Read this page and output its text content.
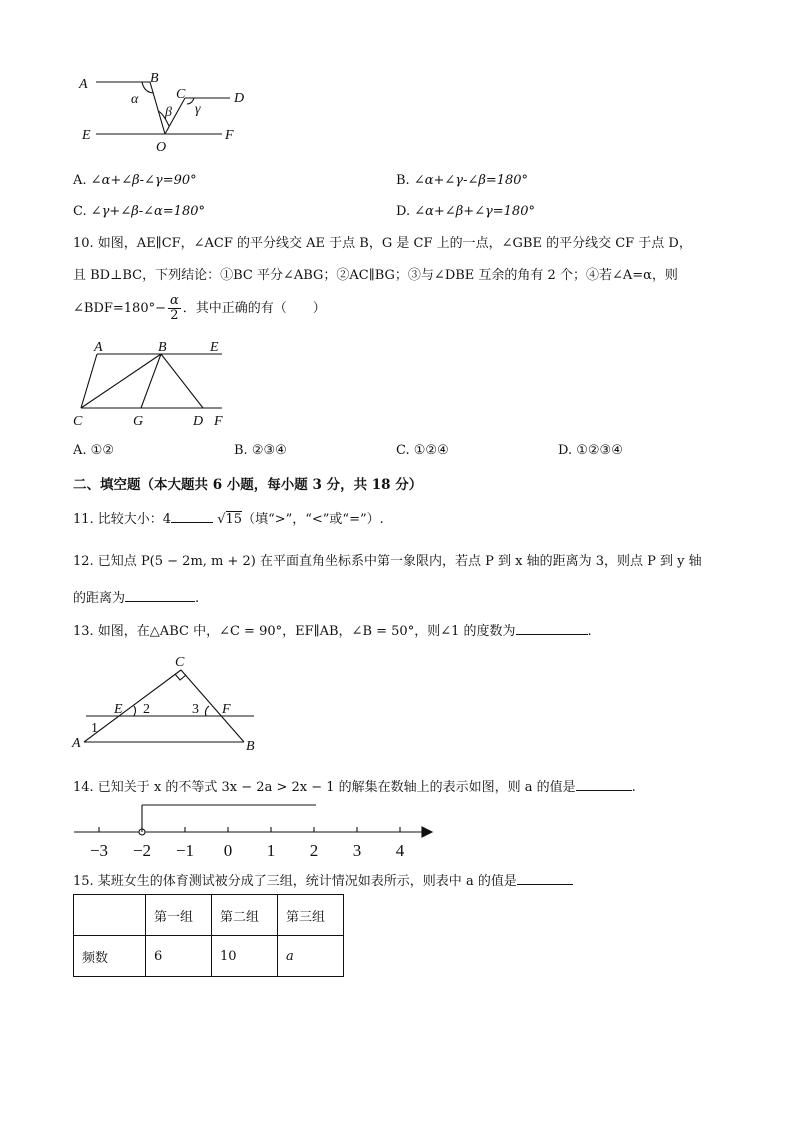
A	B
C	D
E	F
O
α
β γ
A. ∠α+∠β-∠γ=90°	B. ∠α+∠γ-∠β=180°
C. ∠γ+∠β-∠α=180°	D. ∠α+∠β+∠γ=180°
10. 如图，AE∥CF，∠ACF 的平分线交 AE 于点 B，G 是 CF 上的一点，∠GBE 的平分线交 CF 于点 D，
且 BD⊥BC，下列结论：①BC 平分∠ABG；②AC∥BG；③与∠DBE 互余的角有 2 个；④若∠A=α，则
∠BDF=180°− $\frac{\alpha}{2}$ ．其中正确的有（　　）
A	B	E
C	G	D F
A. ①②	B. ②③④	C. ①②④	D. ①②③④
二、填空题（本大题共 6 小题，每小题 3 分，共 18 分）
11. 比较大小：4	√15（填“>”，“<”或“=”）.
12. 已知点 P(5 − 2m, m + 2) 在平面直角坐标系中第一象限内，若点 P 到 x 轴的距离为 3，则点 P 到 y 轴
的距离为	.
13. 如图，在△ABC 中，∠C = 90°，EF∥AB，∠B = 50°，则∠1 的度数为	.
C
E 2	3 F
1
A	B
14. 已知关于 x 的不等式 3x − 2a > 2x − 1 的解集在数轴上的表示如图，则 a 的值是	.
−3 −2 −1 0 1 2 3 4
15. 某班女生的体育测试被分成了三组，统计情况如表所示，则表中 a 的值是
	第一组	第二组	第三组
频数	6	10	a
